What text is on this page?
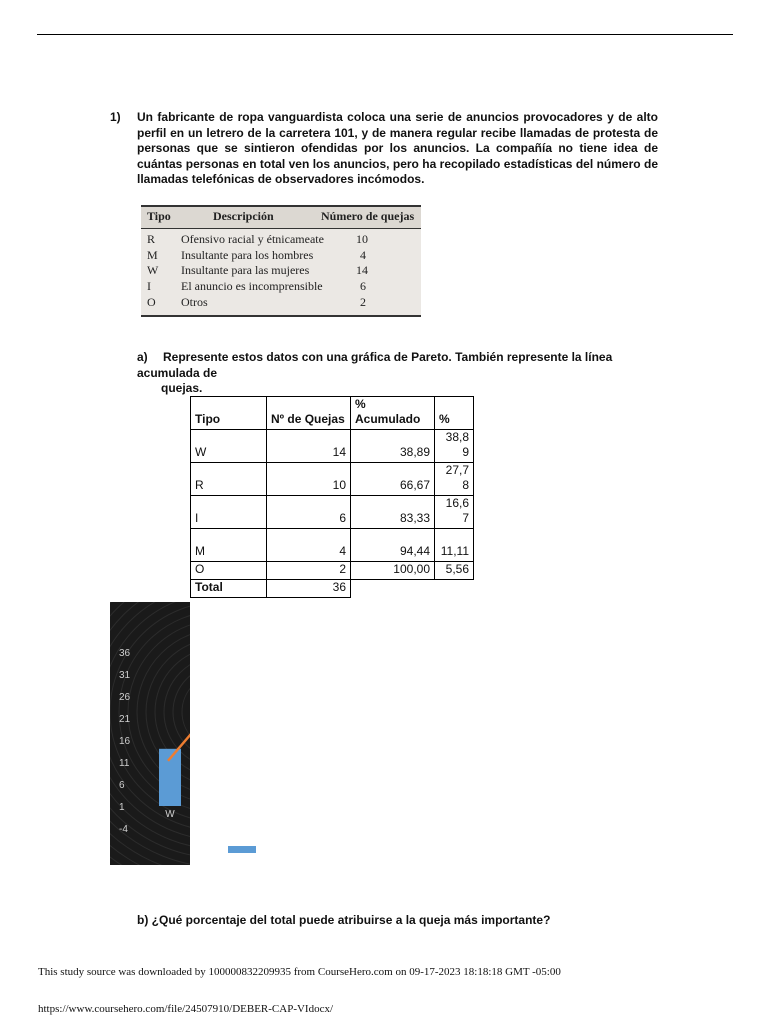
1) Un fabricante de ropa vanguardista coloca una serie de anuncios provocadores y de alto perfil en un letrero de la carretera 101, y de manera regular recibe llamadas de protesta de personas que se sintieron ofendidas por los anuncios. La compañía no tiene idea de cuántas personas en total ven los anuncios, pero ha recopilado estadísticas del número de llamadas telefónicas de observadores incómodos.
Tipo	Descripción	Número de quejas
R Ofensivo racial y étnicameate	10
M Insultante para los hombres	4
W Insultante para las mujeres	14
I	El anuncio es incomprensible	6
O Otros	2
a) Represente estos datos con una gráfica de Pareto. También represente la línea acumulada de
quejas.
Tipo	Nº de Quejas	% Acumulado	%
W	14	38,89	38,89
R	10	66,67	27,78
I	6	83,33	16,67
M	4	94,44	11,11
O	2	100,00	5,56
Total	36		
36
31
26
21
16
11
6
1
-4
W
b) ¿Qué porcentaje del total puede atribuirse a la queja más importante?
This study source was downloaded by 100000832209935 from CourseHero.com on 09-17-2023 18:18:18 GMT -05:00
https://www.coursehero.com/file/24507910/DEBER-CAP-VIdocx/
